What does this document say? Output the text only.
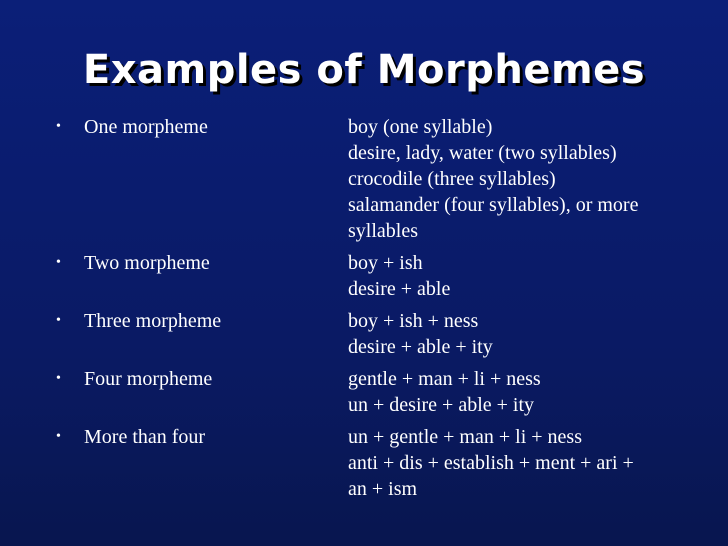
Examples of Morphemes
•	One morpheme	boy (one syllable)
desire, lady, water (two syllables)
crocodile (three syllables)
salamander (four syllables), or more
syllables
•	Two morpheme	boy + ish
desire + able
•	Three morpheme	boy + ish + ness
desire + able + ity
•	Four morpheme	gentle + man + li + ness
un + desire + able + ity
•	More than four	un + gentle + man + li + ness
anti + dis + establish + ment + ari +
an + ism
